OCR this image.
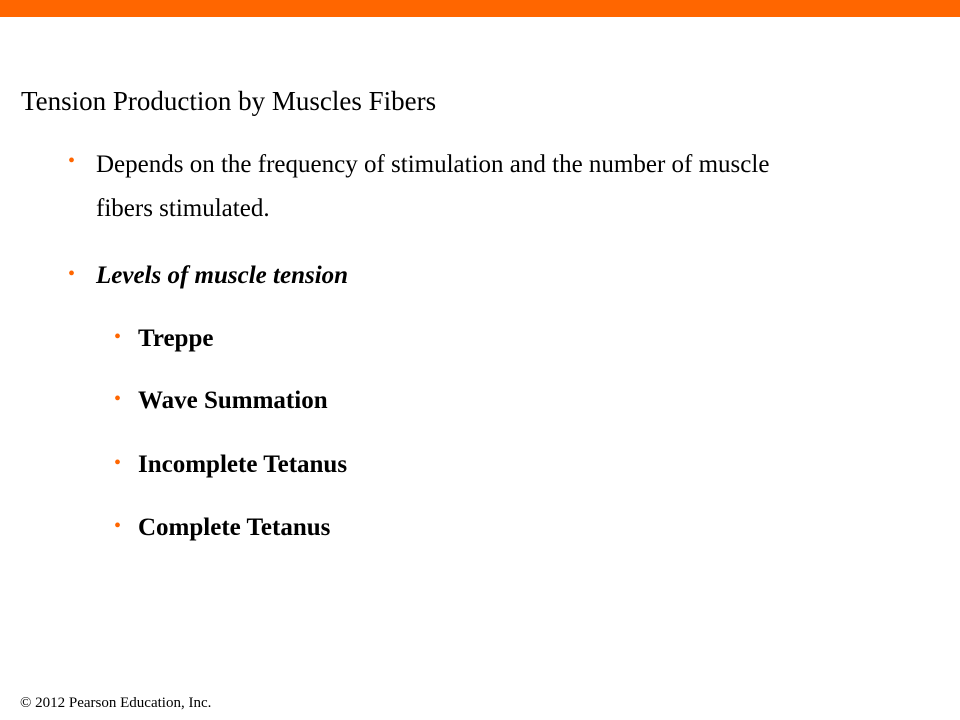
Tension Production by Muscles Fibers
• Depends on the frequency of stimulation and the number of muscle fibers stimulated.
• Levels of muscle tension
• Treppe
• Wave Summation
• Incomplete Tetanus
• Complete Tetanus
© 2012 Pearson Education, Inc.
